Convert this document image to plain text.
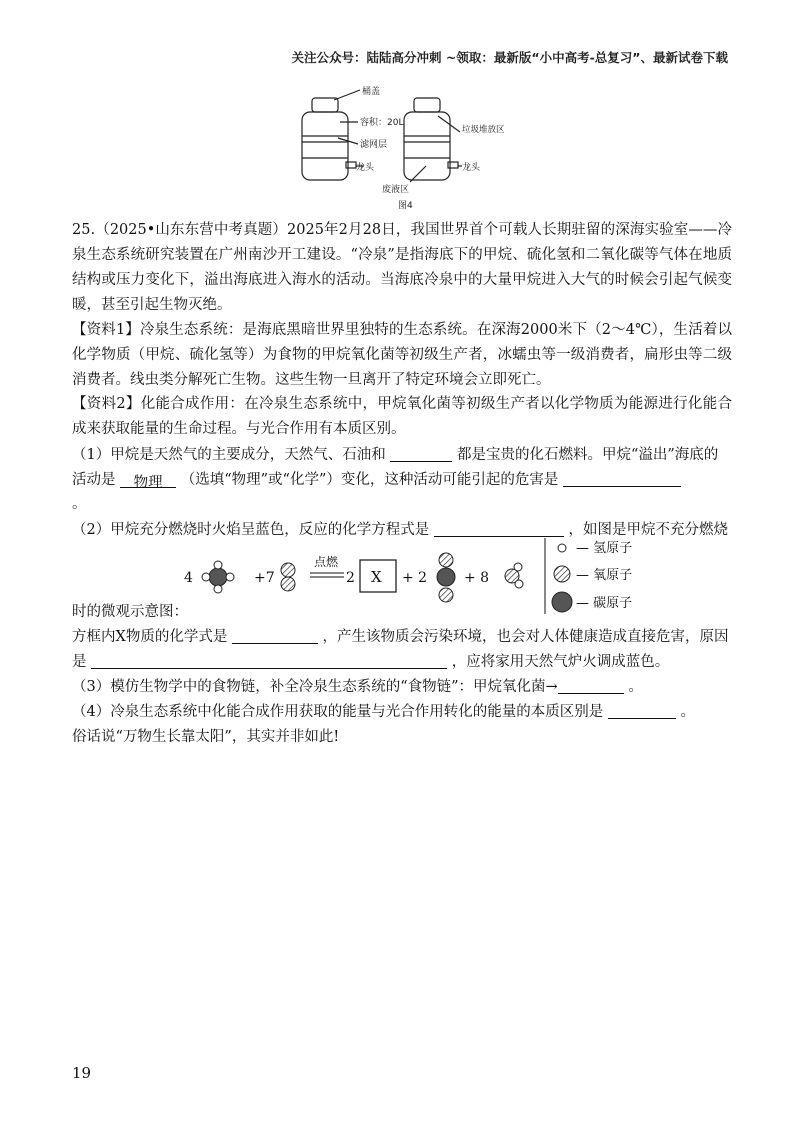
关注公众号：陆陆高分冲刺 ~领取：最新版“小中高考-总复习”、最新试卷下载
桶盖
容积：20L
滤网层
龙头
垃圾堆放区
龙头
废液区
图4
25.（2025•山东东营中考真题）2025年2月28日，我国世界首个可载人长期驻留的深海实验室——冷泉生态系统研究装置在广州南沙开工建设。“冷泉”是指海底下的甲烷、硫化氢和二氧化碳等气体在地质结构或压力变化下，溢出海底进入海水的活动。当海底冷泉中的大量甲烷进入大气的时候会引起气候变暖，甚至引起生物灭绝。
【资料1】冷泉生态系统：是海底黑暗世界里独特的生态系统。在深海2000米下（2～4℃），生活着以化学物质（甲烷、硫化氢等）为食物的甲烷氧化菌等初级生产者，冰蠕虫等一级消费者，扁形虫等二级消费者。线虫类分解死亡生物。这些生物一旦离开了特定环境会立即死亡。
【资料2】化能合成作用：在冷泉生态系统中，甲烷氧化菌等初级生产者以化学物质为能源进行化能合成来获取能量的生命过程。与光合作用有本质区别。
（1）甲烷是天然气的主要成分，天然气、石油和	都是宝贵的化石燃料。甲烷“溢出”海底的
活动是 物理 （选填“物理”或“化学”）变化，这种活动可能引起的危害是
。
（2）甲烷充分燃烧时火焰呈蓝色，反应的化学方程式是	，如图是甲烷不充分燃烧
4	+7	2	+ 2	+ 8
点燃
X
— 氢原子
— 氧原子
— 碳原子
时的微观示意图：
方框内X物质的化学式是	，产生该物质会污染环境，也会对人体健康造成直接危害，原因
是	，应将家用天然气炉火调成蓝色。
（3）模仿生物学中的食物链，补全冷泉生态系统的“食物链”：甲烷氧化菌→	。
（4）冷泉生态系统中化能合成作用获取的能量与光合作用转化的能量的本质区别是	。
俗话说“万物生长靠太阳”，其实并非如此!
19
